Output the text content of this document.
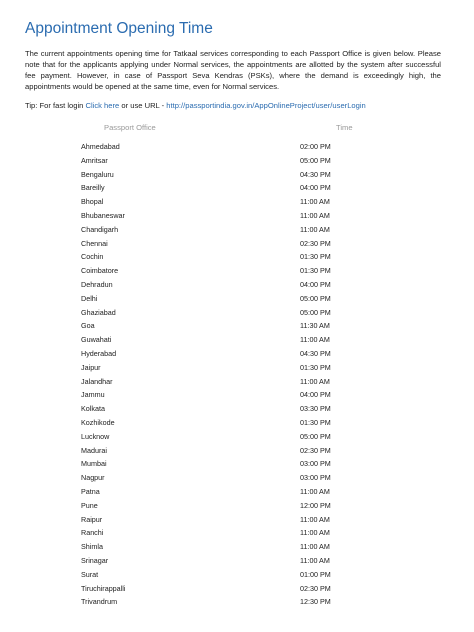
Appointment Opening Time

The current appointments opening time for Tatkaal services corresponding to each Passport Office is given below. Please note that for the applicants applying under Normal services, the appointments are allotted by the system after successful fee payment. However, in case of Passport Seva Kendras (PSKs), where the demand is exceedingly high, the appointments would be opened at the same time, even for Normal services.

Tip: For fast login Click here or use URL - http://passportindia.gov.in/AppOnlineProject/user/userLogin

Passport Office	Time
Ahmedabad	02:00 PM
Amritsar	05:00 PM
Bengaluru	04:30 PM
Bareilly	04:00 PM
Bhopal	11:00 AM
Bhubaneswar	11:00 AM
Chandigarh	11:00 AM
Chennai	02:30 PM
Cochin	01:30 PM
Coimbatore	01:30 PM
Dehradun	04:00 PM
Delhi	05:00 PM
Ghaziabad	05:00 PM
Goa	11:30 AM
Guwahati	11:00 AM
Hyderabad	04:30 PM
Jaipur	01:30 PM
Jalandhar	11:00 AM
Jammu	04:00 PM
Kolkata	03:30 PM
Kozhikode	01:30 PM
Lucknow	05:00 PM
Madurai	02:30 PM
Mumbai	03:00 PM
Nagpur	03:00 PM
Patna	11:00 AM
Pune	12:00 PM
Raipur	11:00 AM
Ranchi	11:00 AM
Shimla	11:00 AM
Srinagar	11:00 AM
Surat	01:00 PM
Tiruchirappalli	02:30 PM
Trivandrum	12:30 PM
